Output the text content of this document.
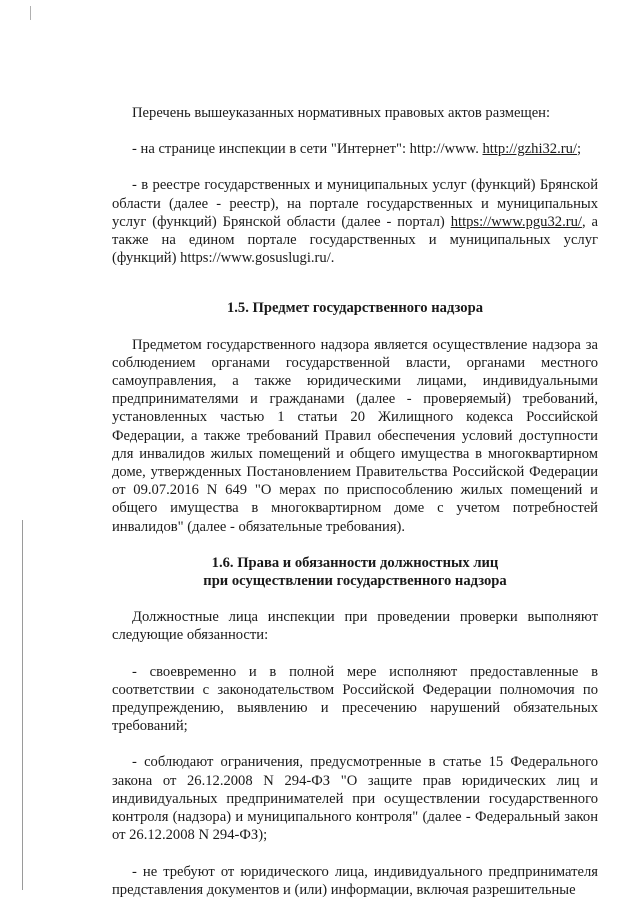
Перечень вышеуказанных нормативных правовых актов размещен:

- на странице инспекции в сети "Интернет": http://www. http://gzhi32.ru/;

- в реестре государственных и муниципальных услуг (функций) Брянской области (далее - реестр), на портале государственных и муниципальных услуг (функций) Брянской области (далее - портал) https://www.pgu32.ru/, а также на едином портале государственных и муниципальных услуг (функций) https://www.gosuslugi.ru/.

1.5. Предмет государственного надзора

Предметом государственного надзора является осуществление надзора за соблюдением органами государственной власти, органами местного самоуправления, а также юридическими лицами, индивидуальными предпринимателями и гражданами (далее - проверяемый) требований, установленных частью 1 статьи 20 Жилищного кодекса Российской Федерации, а также требований Правил обеспечения условий доступности для инвалидов жилых помещений и общего имущества в многоквартирном доме, утвержденных Постановлением Правительства Российской Федерации от 09.07.2016 N 649 "О мерах по приспособлению жилых помещений и общего имущества в многоквартирном доме с учетом потребностей инвалидов" (далее - обязательные требования).

1.6. Права и обязанности должностных лиц

при осуществлении государственного надзора

Должностные лица инспекции при проведении проверки выполняют следующие обязанности:

- своевременно и в полной мере исполняют предоставленные в соответствии с законодательством Российской Федерации полномочия по предупреждению, выявлению и пресечению нарушений обязательных требований;

- соблюдают ограничения, предусмотренные в статье 15 Федерального закона от 26.12.2008 N 294-ФЗ "О защите прав юридических лиц и индивидуальных предпринимателей при осуществлении государственного контроля (надзора) и муниципального контроля" (далее - Федеральный закон от 26.12.2008 N 294-ФЗ);

- не требуют от юридического лица, индивидуального предпринимателя представления документов и (или) информации, включая разрешительные
